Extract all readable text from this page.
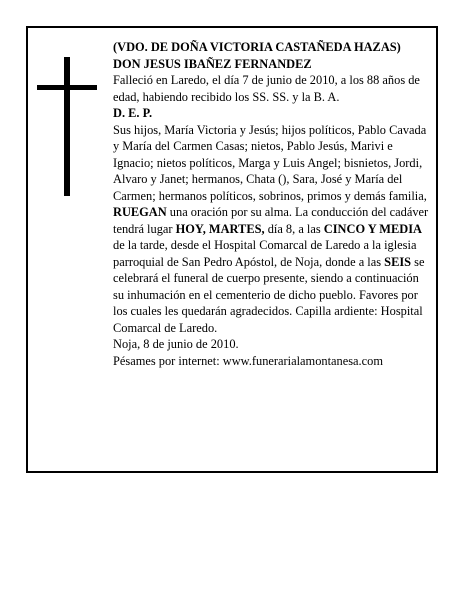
(VDO. DE DOÑA VICTORIA CASTAÑEDA HAZAS)

DON JESUS IBAÑEZ FERNANDEZ

Falleció en Laredo, el día 7 de junio de 2010, a los 88 años de edad, habiendo recibido los SS. SS. y la B. A.

D. E. P.

Sus hijos, María Victoria y Jesús; hijos políticos, Pablo Cavada y María del Carmen Casas; nietos, Pablo Jesús, Marivi e Ignacio; nietos políticos, Marga y Luis Angel; bisnietos, Jordi, Alvaro y Janet; hermanos, Chata (), Sara, José y María del Carmen; hermanos políticos, sobrinos, primos y demás familia,

RUEGAN una oración por su alma. La conducción del cadáver tendrá lugar HOY, MARTES, día 8, a las CINCO Y MEDIA de la tarde, desde el Hospital Comarcal de Laredo a la iglesia parroquial de San Pedro Apóstol, de Noja, donde a las SEIS se celebrará el funeral de cuerpo presente, siendo a continuación su inhumación en el cementerio de dicho pueblo. Favores por los cuales les quedarán agradecidos. Capilla ardiente: Hospital Comarcal de Laredo.

Noja, 8 de junio de 2010.

Pésames por internet: www.funerarialamontanesa.com
